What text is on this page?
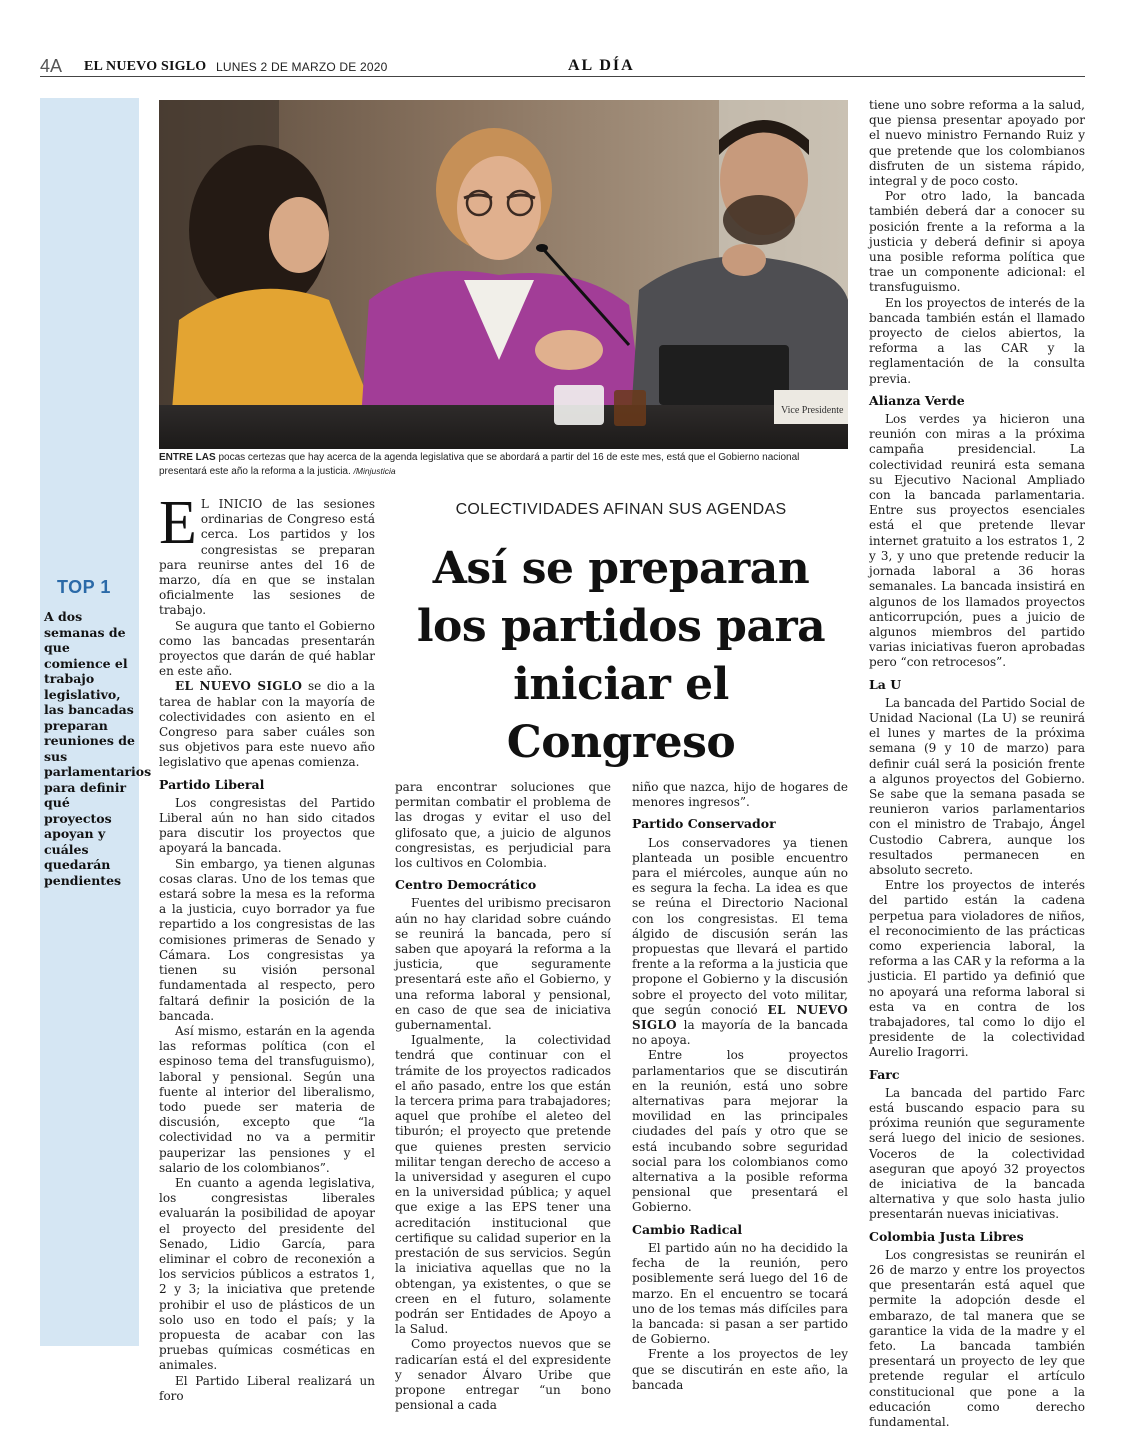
4A EL NUEVO SIGLO LUNES 2 DE MARZO DE 2020	AL DÍA
TOP 1
A dos semanas de que comience el trabajo legislativo, las bancadas preparan reuniones de sus parlamentarios para definir qué proyectos apoyan y cuáles quedarán pendientes
Vice Presidente
ENTRE LAS pocas certezas que hay acerca de la agenda legislativa que se abordará a partir del 16 de este mes, está que el Gobierno nacional presentará este año la reforma a la justicia. /Minjusticia
COLECTIVIDADES AFINAN SUS AGENDAS
Así se preparan los partidos para iniciar el Congreso

E L INICIO de las sesiones ordinarias de Congreso está cerca. Los partidos y los congresistas se preparan para reunirse antes del 16 de marzo, día en que se instalan oficialmente las sesiones de trabajo.

Se augura que tanto el Gobierno como las bancadas presentarán proyectos que darán de qué hablar en este año.

EL NUEVO SIGLO se dio a la tarea de hablar con la mayoría de colectividades con asiento en el Congreso para saber cuáles son sus objetivos para este nuevo año legislativo que apenas comienza.

Partido Liberal

Los congresistas del Partido Liberal aún no han sido citados para discutir los proyectos que apoyará la bancada.

Sin embargo, ya tienen algunas cosas claras. Uno de los temas que estará sobre la mesa es la reforma a la justicia, cuyo borrador ya fue repartido a los congresistas de las comisiones primeras de Senado y Cámara. Los congresistas ya tienen su visión personal fundamentada al respecto, pero faltará definir la posición de la bancada.

Así mismo, estarán en la agenda las reformas política (con el espinoso tema del transfuguismo), laboral y pensional. Según una fuente al interior del liberalismo, todo puede ser materia de discusión, excepto que “la colectividad no va a permitir pauperizar las pensiones y el salario de los colombianos”.

En cuanto a agenda legislativa, los congresistas liberales evaluarán la posibilidad de apoyar el proyecto del presidente del Senado, Lidio García, para eliminar el cobro de reconexión a los servicios públicos a estratos 1, 2 y 3; la iniciativa que pretende prohibir el uso de plásticos de un solo uso en todo el país; y la propuesta de acabar con las pruebas químicas cosméticas en animales.

El Partido Liberal realizará un foro

para encontrar soluciones que permitan combatir el problema de las drogas y evitar el uso del glifosato que, a juicio de algunos congresistas, es perjudicial para los cultivos en Colombia.

Centro Democrático

Fuentes del uribismo precisaron aún no hay claridad sobre cuándo se reunirá la bancada, pero sí saben que apoyará la reforma a la justicia, que seguramente presentará este año el Gobierno, y una reforma laboral y pensional, en caso de que sea de iniciativa gubernamental.

Igualmente, la colectividad tendrá que continuar con el trámite de los proyectos radicados el año pasado, entre los que están la tercera prima para trabajadores; aquel que prohíbe el aleteo del tiburón; el proyecto que pretende que quienes presten servicio militar tengan derecho de acceso a la universidad y aseguren el cupo en la universidad pública; y aquel que exige a las EPS tener una acreditación institucional que certifique su calidad superior en la prestación de sus servicios. Según la iniciativa aquellas que no la obtengan, ya existentes, o que se creen en el futuro, solamente podrán ser Entidades de Apoyo a la Salud.

Como proyectos nuevos que se radicarían está el del expresidente y senador Álvaro Uribe que propone entregar “un bono pensional a cada

niño que nazca, hijo de hogares de menores ingresos”.

Partido Conservador

Los conservadores ya tienen planteada un posible encuentro para el miércoles, aunque aún no es segura la fecha. La idea es que se reúna el Directorio Nacional con los congresistas. El tema álgido de discusión serán las propuestas que llevará el partido frente a la reforma a la justicia que propone el Gobierno y la discusión sobre el proyecto del voto militar, que según conoció EL NUEVO SIGLO la mayoría de la bancada no apoya.

Entre los proyectos parlamentarios que se discutirán en la reunión, está uno sobre alternativas para mejorar la movilidad en las principales ciudades del país y otro que se está incubando sobre seguridad social para los colombianos como alternativa a la posible reforma pensional que presentará el Gobierno.

Cambio Radical

El partido aún no ha decidido la fecha de la reunión, pero posiblemente será luego del 16 de marzo. En el encuentro se tocará uno de los temas más difíciles para la bancada: si pasan a ser partido de Gobierno.

Frente a los proyectos de ley que se discutirán en este año, la bancada

tiene uno sobre reforma a la salud, que piensa presentar apoyado por el nuevo ministro Fernando Ruiz y que pretende que los colombianos disfruten de un sistema rápido, integral y de poco costo.

Por otro lado, la bancada también deberá dar a conocer su posición frente a la reforma a la justicia y deberá definir si apoya una posible reforma política que trae un componente adicional: el transfuguismo.

En los proyectos de interés de la bancada también están el llamado proyecto de cielos abiertos, la reforma a las CAR y la reglamentación de la consulta previa.

Alianza Verde

Los verdes ya hicieron una reunión con miras a la próxima campaña presidencial. La colectividad reunirá esta semana su Ejecutivo Nacional Ampliado con la bancada parlamentaria. Entre sus proyectos esenciales está el que pretende llevar internet gratuito a los estratos 1, 2 y 3, y uno que pretende reducir la jornada laboral a 36 horas semanales. La bancada insistirá en algunos de los llamados proyectos anticorrupción, pues a juicio de algunos miembros del partido varias iniciativas fueron aprobadas pero “con retrocesos”.

La U

La bancada del Partido Social de Unidad Nacional (La U) se reunirá el lunes y martes de la próxima semana (9 y 10 de marzo) para definir cuál será la posición frente a algunos proyectos del Gobierno. Se sabe que la semana pasada se reunieron varios parlamentarios con el ministro de Trabajo, Ángel Custodio Cabrera, aunque los resultados permanecen en absoluto secreto.

Entre los proyectos de interés del partido están la cadena perpetua para violadores de niños, el reconocimiento de las prácticas como experiencia laboral, la reforma a las CAR y la reforma a la justicia. El partido ya definió que no apoyará una reforma laboral si esta va en contra de los trabajadores, tal como lo dijo el presidente de la colectividad Aurelio Iragorri.

Farc

La bancada del partido Farc está buscando espacio para su próxima reunión que seguramente será luego del inicio de sesiones. Voceros de la colectividad aseguran que apoyó 32 proyectos de iniciativa de la bancada alternativa y que solo hasta julio presentarán nuevas iniciativas.

Colombia Justa Libres

Los congresistas se reunirán el 26 de marzo y entre los proyectos que presentarán está aquel que permite la adopción desde el embarazo, de tal manera que se garantice la vida de la madre y el feto. La bancada también presentará un proyecto de ley que pretende regular el artículo constitucional que pone a la educación como derecho fundamental.
